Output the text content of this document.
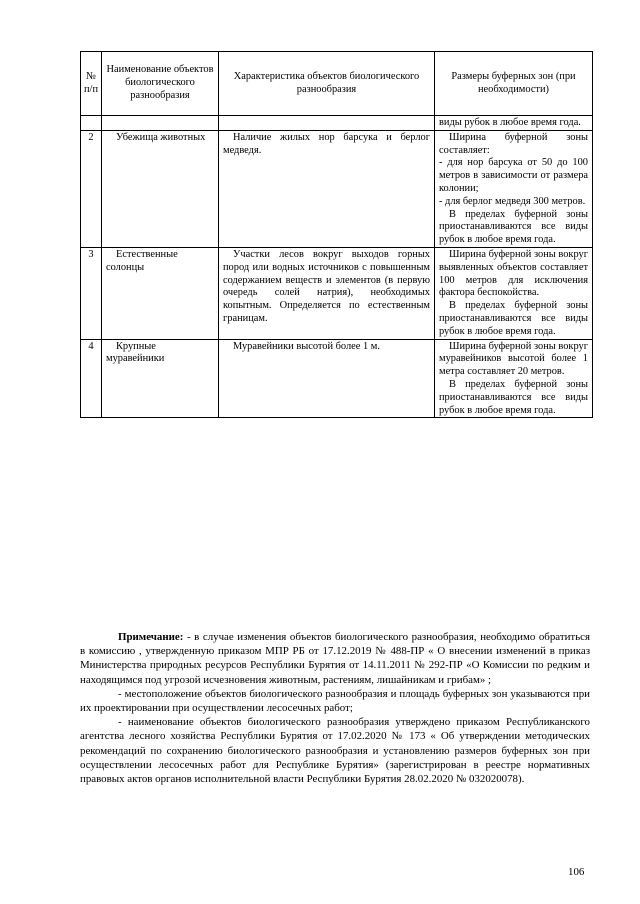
№ п/п	Наименование объектов биологического разнообразия	Характеристика объектов биологического разнообразия	Размеры буферных зон (при необходимости)
			виды рубок в любое время года.
2	Убежища животных	Наличие жилых нор барсука и берлог медведя.	Ширина буферной зоны составляет:

- для нор барсука от 50 до 100 метров в зависимости от размера колонии;

- для берлог медведя 300 метров.

В пределах буферной зоны приостанавливаются все виды рубок в любое время года.

3	Естественные солонцы	Участки лесов вокруг выходов горных пород или водных источников с повышенным содержанием веществ и элементов (в первую очередь солей натрия), необходимых копытным. Определяется по естественным границам.	Ширина буферной зоны вокруг выявленных объектов составляет 100 метров для исключения фактора беспокойства.

В пределах буферной зоны приостанавливаются все виды рубок в любое время года.

4	Крупные муравейники	Муравейники высотой более 1 м.	Ширина буферной зоны вокруг муравейников высотой более 1 метра составляет 20 метров.

В пределах буферной зоны приостанавливаются все виды рубок в любое время года.

Примечание: - в случае изменения объектов биологического разнообразия, необходимо обратиться в комиссию , утвержденную приказом МПР РБ от 17.12.2019 № 488-ПР « О внесении изменений в приказ Министерства природных ресурсов Республики Бурятия от 14.11.2011 № 292-ПР «О Комиссии по редким и находящимся под угрозой исчезновения животным, растениям, лишайникам и грибам» ;

- местоположение объектов биологического разнообразия и площадь буферных зон указываются при их проектировании при осуществлении лесосечных работ;

- наименование объектов биологического разнообразия утверждено приказом Республиканского агентства лесного хозяйства Республики Бурятия от 17.02.2020 № 173 « Об утверждении методических рекомендаций по сохранению биологического разнообразия и установлению размеров буферных зон при осуществлении лесосечных работ для Республике Бурятия» (зарегистрирован в реестре нормативных правовых актов органов исполнительной власти Республики Бурятия 28.02.2020 № 032020078).

106
